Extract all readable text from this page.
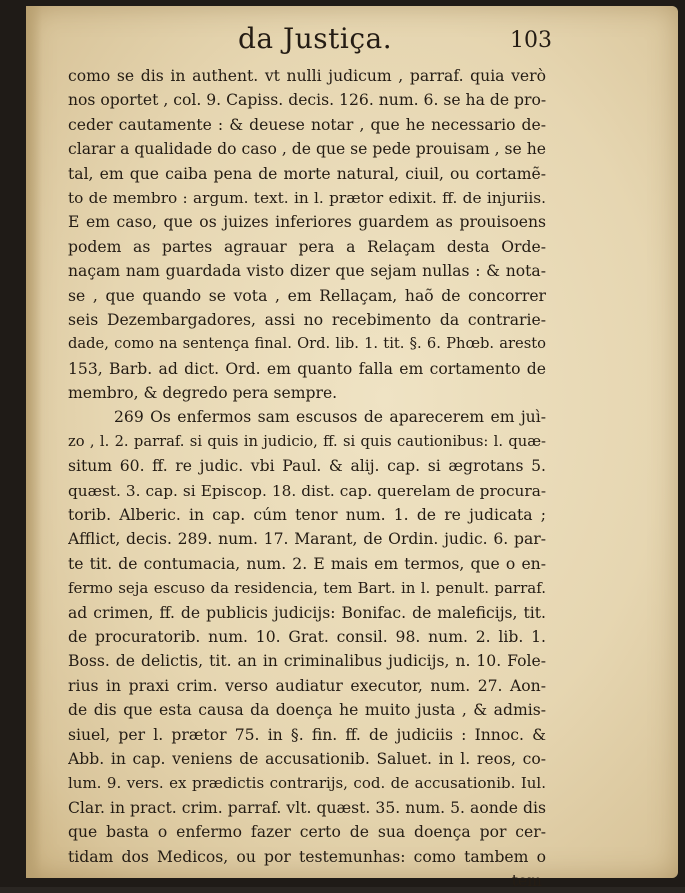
da Justiça.	103
como se dis in authent. vt nulli judicum , parraf. quia verò
nos oportet , col. 9. Capiss. decis. 126. num. 6. se ha de pro-
ceder cautamente : & deuese notar , que he necessario de-
clarar a qualidade do caso , de que se pede prouisam , se he
tal, em que caiba pena de morte natural, ciuil, ou cortamẽ-
to de membro : argum. text. in l. prætor edixit. ff. de injuriis.
E em caso, que os juizes inferiores guardem as prouisoens
podem as partes agrauar pera a Relaçam desta Orde-
naçam nam guardada visto dizer que sejam nullas : & nota-
se , que quando se vota , em Rellaçam, haõ de concorrer
seis Dezembargadores, assi no recebimento da contrarie-
dade, como na sentença final. Ord. lib. 1. tit. §. 6. Phœb. aresto
153, Barb. ad dict. Ord. em quanto falla em cortamento de
membro, & degredo pera sempre.
269 Os enfermos sam escusos de aparecerem em juì-
zo , l. 2. parraf. si quis in judicio, ff. si quis cautionibus: l. quæ-
situm 60. ff. re judic. vbi Paul. & alij. cap. si ægrotans 5.
quæst. 3. cap. si Episcop. 18. dist. cap. querelam de procura-
torib. Alberic. in cap. cúm tenor num. 1. de re judicata ;
Afflict, decis. 289. num. 17. Marant, de Ordin. judic. 6. par-
te tit. de contumacia, num. 2. E mais em termos, que o en-
fermo seja escuso da residencia, tem Bart. in l. penult. parraf.
ad crimen, ff. de publicis judicijs: Bonifac. de maleficijs, tit.
de procuratorib. num. 10. Grat. consil. 98. num. 2. lib. 1.
Boss. de delictis, tit. an in criminalibus judicijs, n. 10. Fole-
rius in praxi crim. verso audiatur executor, num. 27. Aon-
de dis que esta causa da doença he muito justa , & admis-
siuel, per l. prætor 75. in §. fin. ff. de judiciis : Innoc. &
Abb. in cap. veniens de accusationib. Saluet. in l. reos, co-
lum. 9. vers. ex prædictis contrarijs, cod. de accusationib. Iul.
Clar. in pract. crim. parraf. vlt. quæst. 35. num. 5. aonde dis
que basta o enfermo fazer certo de sua doença por cer-
tidam dos Medicos, ou por testemunhas: como tambem o
tem
